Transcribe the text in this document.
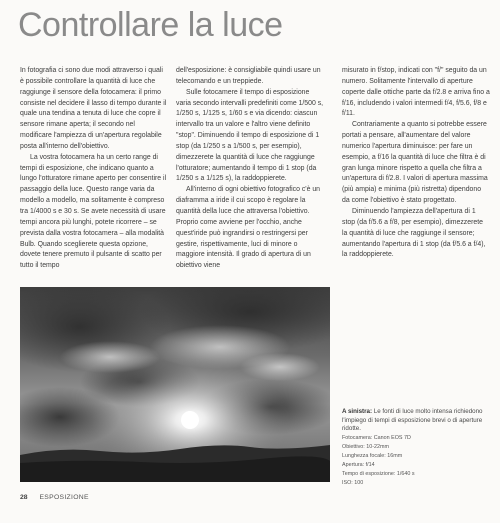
Controllare la luce

In fotografia ci sono due modi attraverso i quali è possibile controllare la quantità di luce che raggiunge il sensore della fotocamera: il primo consiste nel decidere il lasso di tempo durante il quale una tendina a tenuta di luce che copre il sensore rimane aperta; il secondo nel modificare l'ampiezza di un'apertura regolabile posta all'interno dell'obiettivo.

La vostra fotocamera ha un certo range di tempi di esposizione, che indicano quanto a lungo l'otturatore rimane aperto per consentire il passaggio della luce. Questo range varia da modello a modello, ma solitamente è compreso tra 1/4000 s e 30 s. Se avete necessità di usare tempi ancora più lunghi, potete ricorrere – se prevista dalla vostra fotocamera – alla modalità Bulb. Quando sceglierete questa opzione, dovete tenere premuto il pulsante di scatto per tutto il tempo

dell'esposizione: è consigliabile quindi usare un telecomando e un treppiede.

Sulle fotocamere il tempo di esposizione varia secondo intervalli predefiniti come 1/500 s, 1/250 s, 1/125 s, 1/60 s e via dicendo: ciascun intervallo tra un valore e l'altro viene definito "stop". Diminuendo il tempo di esposizione di 1 stop (da 1/250 s a 1/500 s, per esempio), dimezzerete la quantità di luce che raggiunge l'otturatore; aumentando il tempo di 1 stop (da 1/250 s a 1/125 s), la raddoppierete.

All'interno di ogni obiettivo fotografico c'è un diaframma a iride il cui scopo è regolare la quantità della luce che attraversa l'obiettivo. Proprio come avviene per l'occhio, anche quest'iride può ingrandirsi o restringersi per gestire, rispettivamente, luci di minore o maggiore intensità. Il grado di apertura di un obiettivo viene

misurato in f/stop, indicati con "f/" seguito da un numero. Solitamente l'intervallo di aperture coperte dalle ottiche parte da f/2.8 e arriva fino a f/16, includendo i valori intermedi f/4, f/5.6, f/8 e f/11.

Contrariamente a quanto si potrebbe essere portati a pensare, all'aumentare del valore numerico l'apertura diminuisce: per fare un esempio, a f/16 la quantità di luce che filtra è di gran lunga minore rispetto a quella che filtra a un'apertura di f/2.8. I valori di apertura massima (più ampia) e minima (più ristretta) dipendono da come l'obiettivo è stato progettato.

Diminuendo l'ampiezza dell'apertura di 1 stop (da f/5.6 a f/8, per esempio), dimezzerete la quantità di luce che raggiunge il sensore; aumentando l'apertura di 1 stop (da f/5.6 a f/4), la raddoppierete.

A sinistra: Le fonti di luce molto intensa richiedono l'impiego di tempi di esposizione brevi o di aperture ridotte.
Fotocamera: Canon EOS 7D
Obiettivo: 10-22mm
Lunghezza focale: 16mm
Apertura: f/14
Tempo di esposizione: 1/640 s
ISO: 100
28 ESPOSIZIONE
